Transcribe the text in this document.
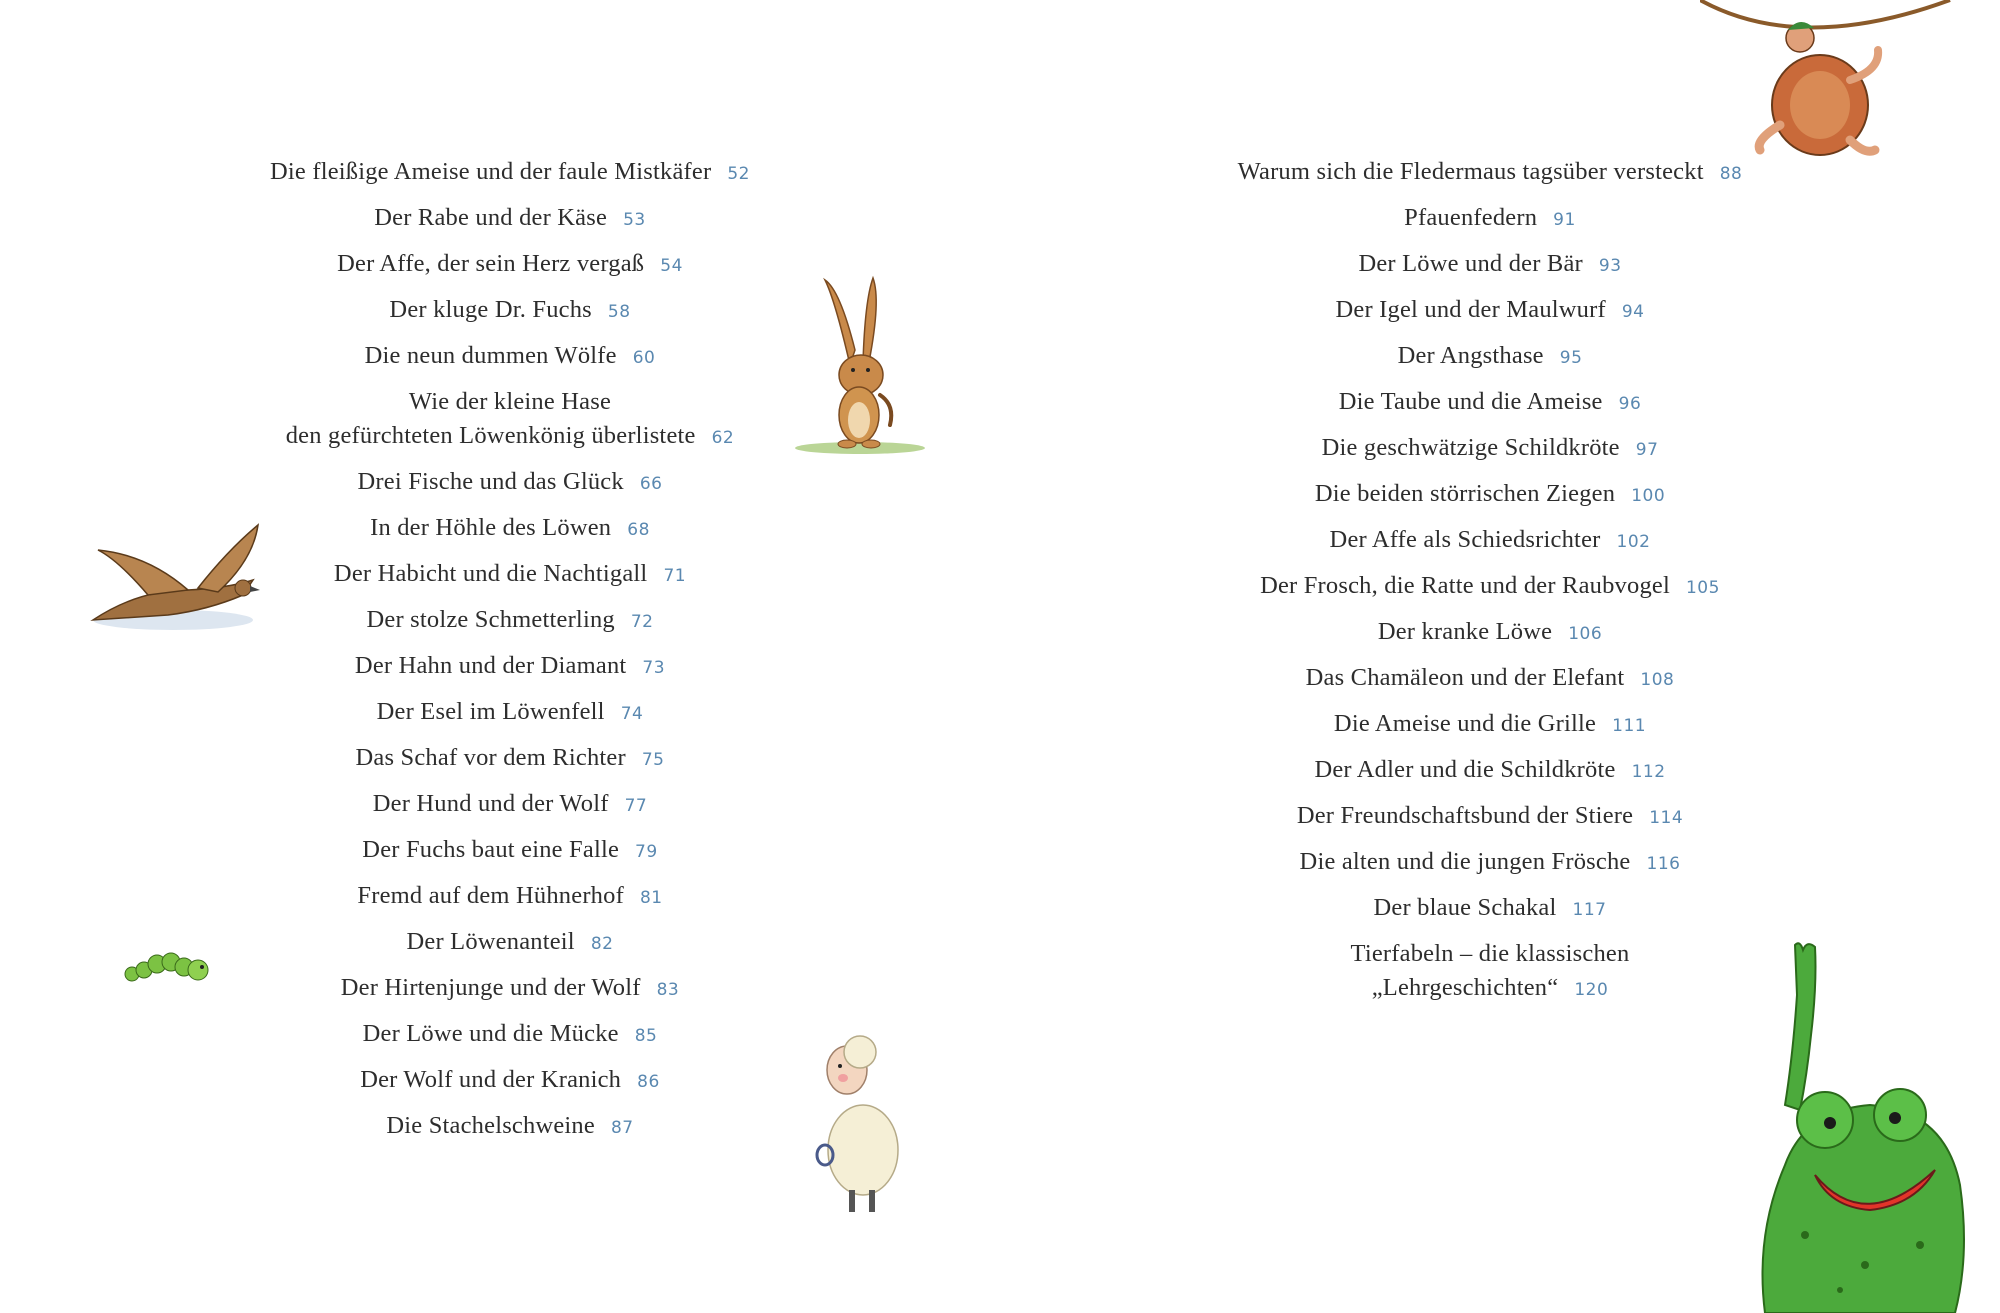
Die fleißige Ameise und der faule Mistkäfer 52
Der Rabe und der Käse 53
Der Affe, der sein Herz vergaß 54
Der kluge Dr. Fuchs 58
Die neun dummen Wölfe 60
Wie der kleine Hase
den gefürchteten Löwenkönig überlistete 62
Drei Fische und das Glück 66
In der Höhle des Löwen 68
Der Habicht und die Nachtigall 71
Der stolze Schmetterling 72
Der Hahn und der Diamant 73
Der Esel im Löwenfell 74
Das Schaf vor dem Richter 75
Der Hund und der Wolf 77
Der Fuchs baut eine Falle 79
Fremd auf dem Hühnerhof 81
Der Löwenanteil 82
Der Hirtenjunge und der Wolf 83
Der Löwe und die Mücke 85
Der Wolf und der Kranich 86
Die Stachelschweine 87
Warum sich die Fledermaus tagsüber versteckt 88
Pfauenfedern 91
Der Löwe und der Bär 93
Der Igel und der Maulwurf 94
Der Angsthase 95
Die Taube und die Ameise 96
Die geschwätzige Schildkröte 97
Die beiden störrischen Ziegen 100
Der Affe als Schiedsrichter 102
Der Frosch, die Ratte und der Raubvogel 105
Der kranke Löwe 106
Das Chamäleon und der Elefant 108
Die Ameise und die Grille 111
Der Adler und die Schildkröte 112
Der Freundschaftsbund der Stiere 114
Die alten und die jungen Frösche 116
Der blaue Schakal 117
Tierfabeln – die klassischen
„Lehrgeschichten“ 120
